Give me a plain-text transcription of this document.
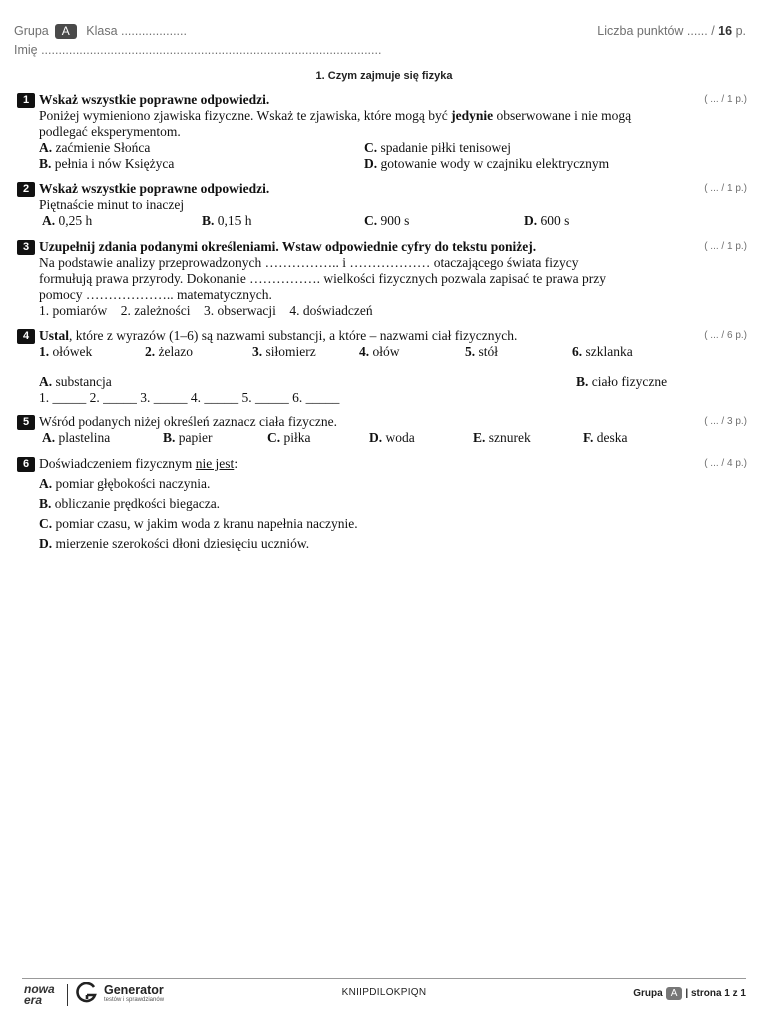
Grupa A Klasa ...................	Liczba punktów ...... / 16 p.
Imię ..................................................................................................
1. Czym zajmuje się fizyka
1	( ... / 1 p.)
Wskaż wszystkie poprawne odpowiedzi.
Poniżej wymieniono zjawiska fizyczne. Wskaż te zjawiska, które mogą być jedynie obserwowane i nie mogą
podlegać eksperymentom.
A. zaćmienie Słońca	C. spadanie piłki tenisowej
B. pełnia i nów Księżyca	D. gotowanie wody w czajniku elektrycznym
2	( ... / 1 p.)
Wskaż wszystkie poprawne odpowiedzi.
Piętnaście minut to inaczej
A. 0,25 h	B. 0,15 h	C. 900 s	D. 600 s
3	( ... / 1 p.)
Uzupełnij zdania podanymi określeniami. Wstaw odpowiednie cyfry do tekstu poniżej.
Na podstawie analizy przeprowadzonych …………….. i ……………… otaczającego świata fizycy
formułują prawa przyrody. Dokonanie ……………. wielkości fizycznych pozwala zapisać te prawa przy
pomocy ……………….. matematycznych.
1. pomiarów    2. zależności    3. obserwacji    4. doświadczeń
4	( ... / 6 p.)
Ustal, które z wyrazów (1–6) są nazwami substancji, a które – nazwami ciał fizycznych.
1. ołówek	2. żelazo	3. siłomierz	4. ołów	5. stół	6. szklanka
A. substancja	B. ciało fizyczne
1. _____ 2. _____ 3. _____ 4. _____ 5. _____ 6. _____
5	( ... / 3 p.)
Wśród podanych niżej określeń zaznacz ciała fizyczne.
A. plastelina	B. papier	C. piłka	D. woda	E. sznurek	F. deska
6	( ... / 4 p.)
Doświadczeniem fizycznym nie jest:
A. pomiar głębokości naczynia.
B. obliczanie prędkości biegacza.
C. pomiar czasu, w jakim woda z kranu napełnia naczynie.
D. mierzenie szerokości dłoni dziesięciu uczniów.
nowa
era
Generator
testów i sprawdzianów
KNIIPDILOKPIQN	Grupa A | strona 1 z 1
